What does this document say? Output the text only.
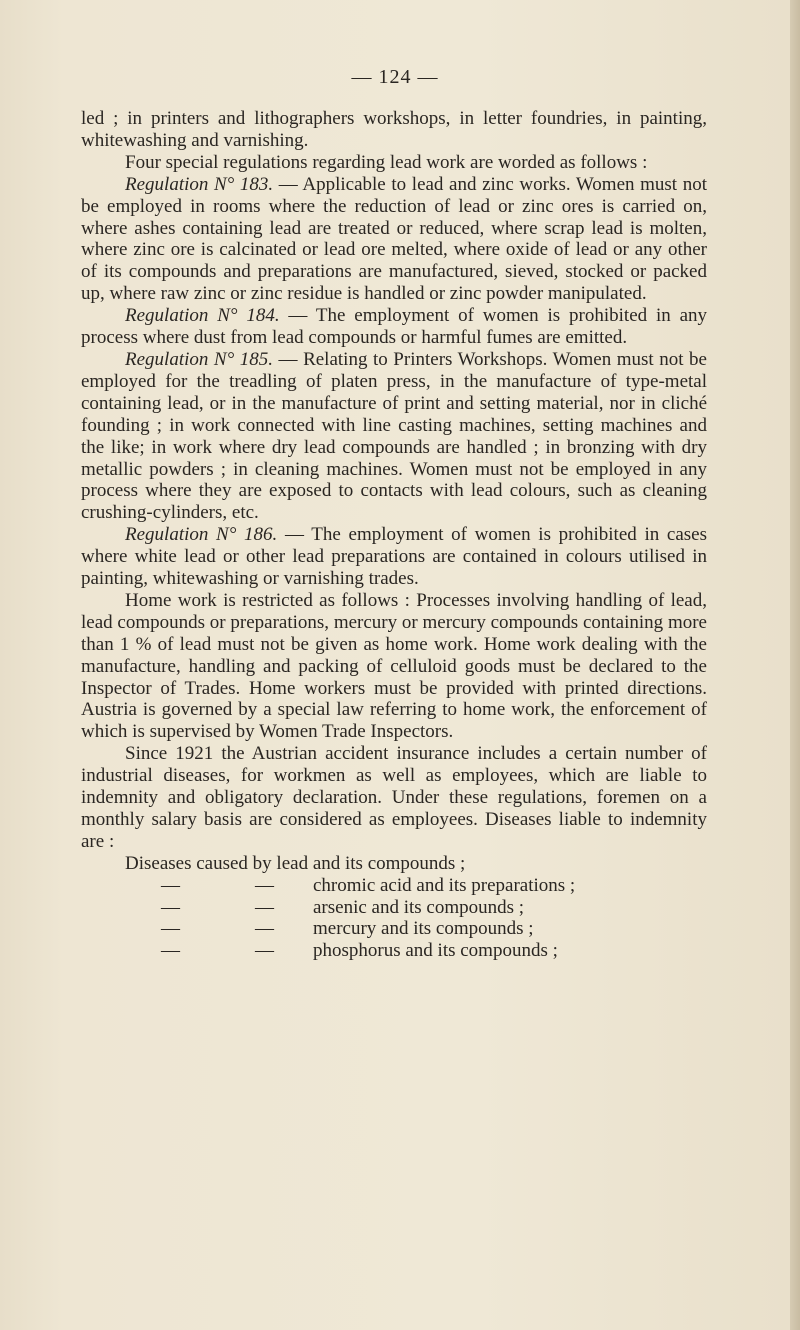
— 124 —

led ; in printers and lithographers workshops, in letter foundries, in painting, whitewashing and varnishing.

Four special regulations regarding lead work are worded as follows :

Regulation N° 183. — Applicable to lead and zinc works. Women must not be employed in rooms where the reduction of lead or zinc ores is carried on, where ashes containing lead are treated or reduced, where scrap lead is molten, where zinc ore is calcinated or lead ore melted, where oxide of lead or any other of its compounds and preparations are manufactured, sieved, stocked or packed up, where raw zinc or zinc residue is handled or zinc powder manipulated.

Regulation N° 184. — The employment of women is prohibited in any process where dust from lead compounds or harmful fumes are emitted.

Regulation N° 185. — Relating to Printers Workshops. Women must not be employed for the treadling of platen press, in the manufacture of type-metal containing lead, or in the manufacture of print and setting material, nor in cliché founding ; in work connected with line casting machines, setting machines and the like; in work where dry lead compounds are handled ; in bronzing with dry metallic powders ; in cleaning machines. Women must not be employed in any process where they are exposed to contacts with lead colours, such as cleaning crushing-cylinders, etc.

Regulation N° 186. — The employment of women is prohibited in cases where white lead or other lead preparations are contained in colours utilised in painting, whitewashing or varnishing trades.

Home work is restricted as follows : Processes involving handling of lead, lead compounds or preparations, mercury or mercury compounds containing more than 1 % of lead must not be given as home work. Home work dealing with the manufacture, handling and packing of celluloid goods must be declared to the Inspector of Trades. Home workers must be provided with printed directions. Austria is governed by a special law referring to home work, the enforcement of which is supervised by Women Trade Inspectors.

Since 1921 the Austrian accident insurance includes a certain number of industrial diseases, for workmen as well as employees, which are liable to indemnity and obligatory declaration. Under these regulations, foremen on a monthly salary basis are considered as employees. Diseases liable to indemnity are :

Diseases caused by lead and its compounds ;
—	— chromic acid and its preparations ;
—	— arsenic and its compounds ;
—	— mercury and its compounds ;
—	— phosphorus and its compounds ;
